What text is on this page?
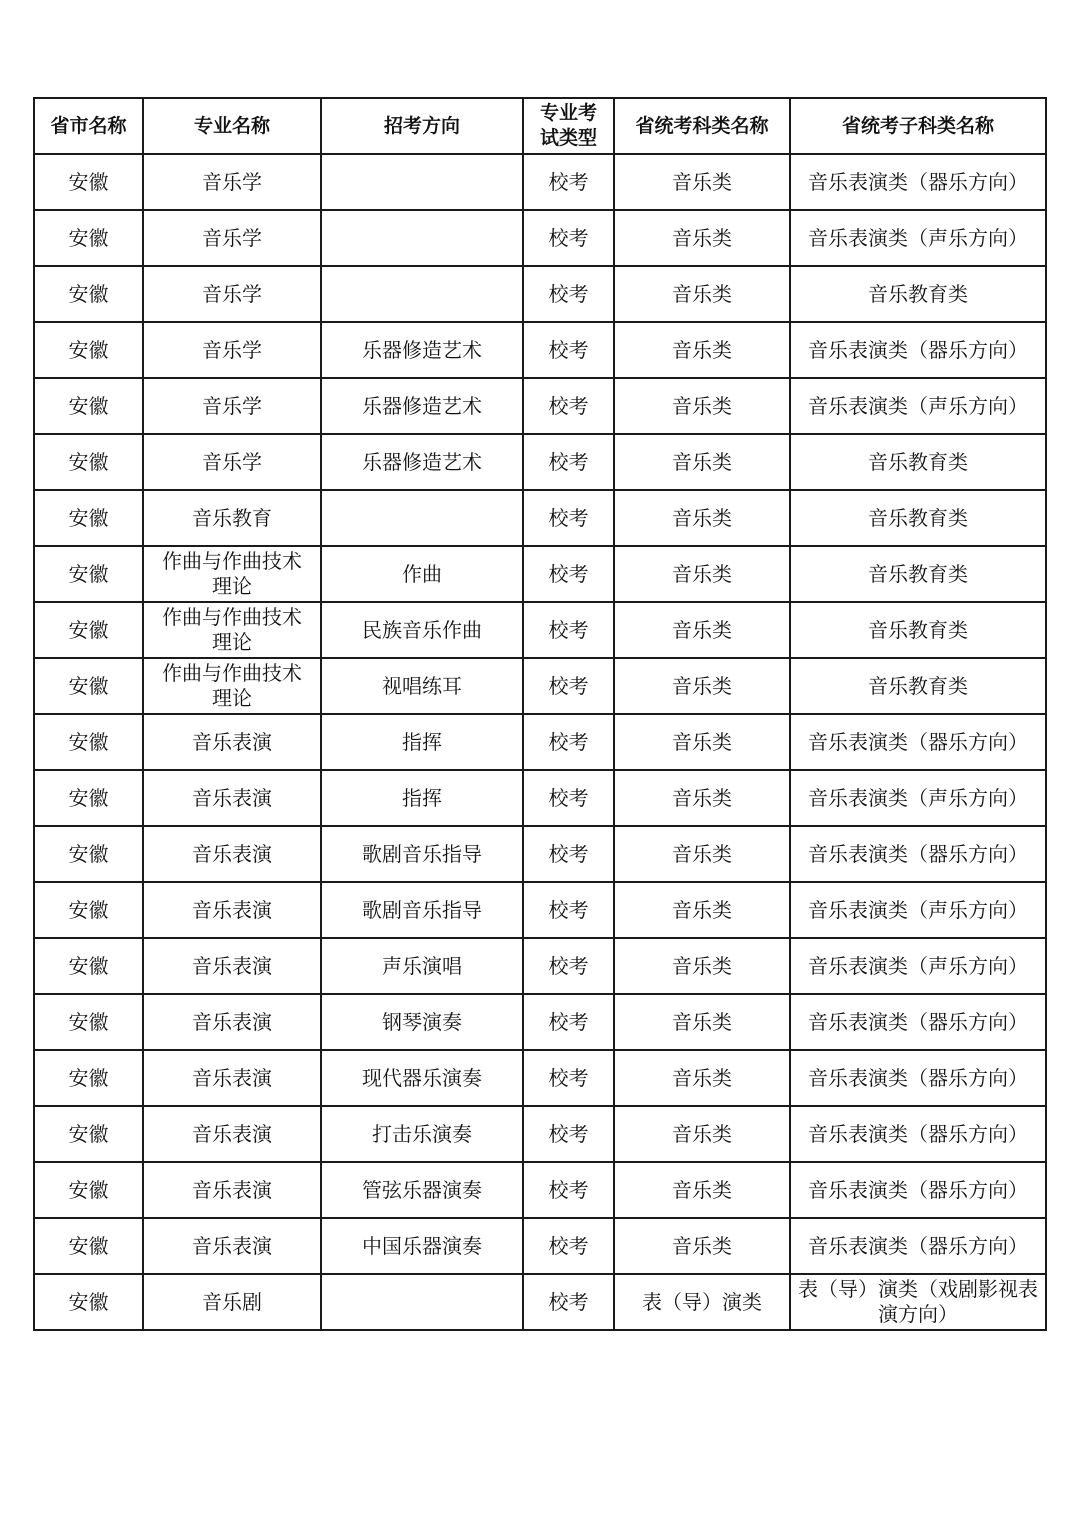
省市名称	专业名称	招考方向	专业考试类型	省统考科类名称	省统考子科类名称
安徽	音乐学		校考	音乐类	音乐表演类（器乐方向）
安徽	音乐学		校考	音乐类	音乐表演类（声乐方向）
安徽	音乐学		校考	音乐类	音乐教育类
安徽	音乐学	乐器修造艺术	校考	音乐类	音乐表演类（器乐方向）
安徽	音乐学	乐器修造艺术	校考	音乐类	音乐表演类（声乐方向）
安徽	音乐学	乐器修造艺术	校考	音乐类	音乐教育类
安徽	音乐教育		校考	音乐类	音乐教育类
安徽	作曲与作曲技术理论	作曲	校考	音乐类	音乐教育类
安徽	作曲与作曲技术理论	民族音乐作曲	校考	音乐类	音乐教育类
安徽	作曲与作曲技术理论	视唱练耳	校考	音乐类	音乐教育类
安徽	音乐表演	指挥	校考	音乐类	音乐表演类（器乐方向）
安徽	音乐表演	指挥	校考	音乐类	音乐表演类（声乐方向）
安徽	音乐表演	歌剧音乐指导	校考	音乐类	音乐表演类（器乐方向）
安徽	音乐表演	歌剧音乐指导	校考	音乐类	音乐表演类（声乐方向）
安徽	音乐表演	声乐演唱	校考	音乐类	音乐表演类（声乐方向）
安徽	音乐表演	钢琴演奏	校考	音乐类	音乐表演类（器乐方向）
安徽	音乐表演	现代器乐演奏	校考	音乐类	音乐表演类（器乐方向）
安徽	音乐表演	打击乐演奏	校考	音乐类	音乐表演类（器乐方向）
安徽	音乐表演	管弦乐器演奏	校考	音乐类	音乐表演类（器乐方向）
安徽	音乐表演	中国乐器演奏	校考	音乐类	音乐表演类（器乐方向）
安徽	音乐剧		校考	表（导）演类	表（导）演类（戏剧影视表演方向）
